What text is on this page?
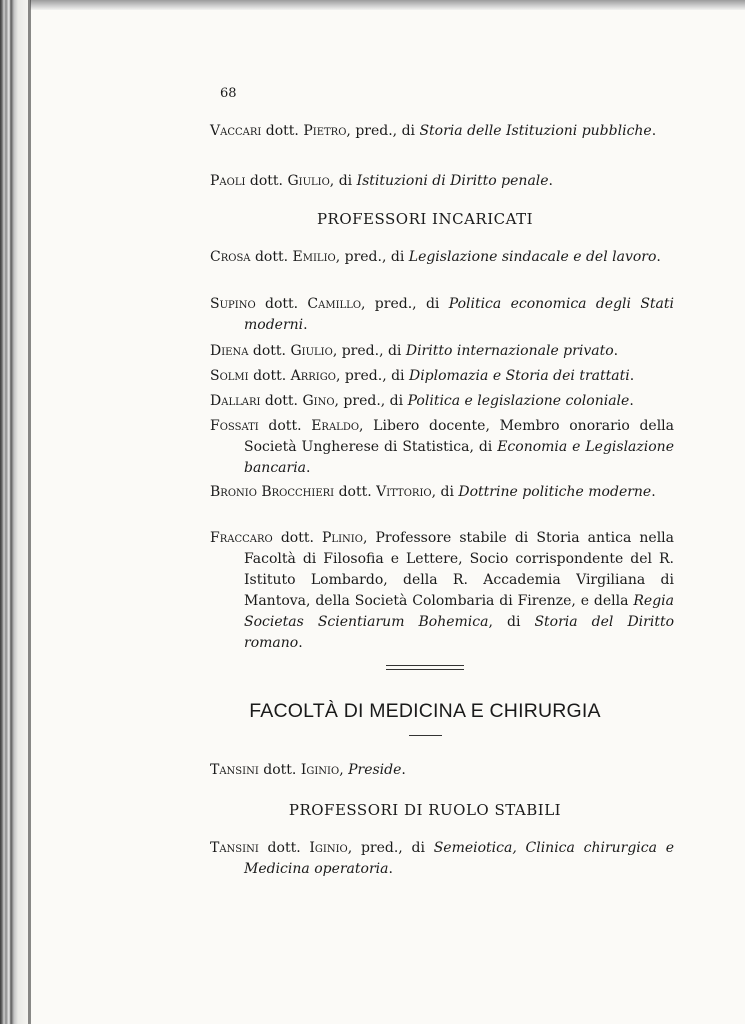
68
Vaccari dott. Pietro, pred., di Storia delle Istituzioni pubbliche.
Paoli dott. Giulio, di Istituzioni di Diritto penale.
PROFESSORI INCARICATI
Crosa dott. Emilio, pred., di Legislazione sindacale e del lavoro.
Supino dott. Camillo, pred., di Politica economica degli Stati moderni.
Diena dott. Giulio, pred., di Diritto internazionale privato.
Solmi dott. Arrigo, pred., di Diplomazia e Storia dei trattati.
Dallari dott. Gino, pred., di Politica e legislazione coloniale.
Fossati dott. Eraldo, Libero docente, Membro onorario della Società Ungherese di Statistica, di Economia e Legislazione bancaria.
Bronio Brocchieri dott. Vittorio, di Dottrine politiche moderne.
Fraccaro dott. Plinio, Professore stabile di Storia antica nella Facoltà di Filosofia e Lettere, Socio corrispondente del R. Istituto Lombardo, della R. Accademia Virgiliana di Mantova, della Società Colombaria di Firenze, e della Regia Societas Scientiarum Bohemica, di Storia del Diritto romano.
FACOLTÀ DI MEDICINA E CHIRURGIA
Tansini dott. Iginio, Preside.
PROFESSORI DI RUOLO STABILI
Tansini dott. Iginio, pred., di Semeiotica, Clinica chirurgica e Medicina operatoria.
